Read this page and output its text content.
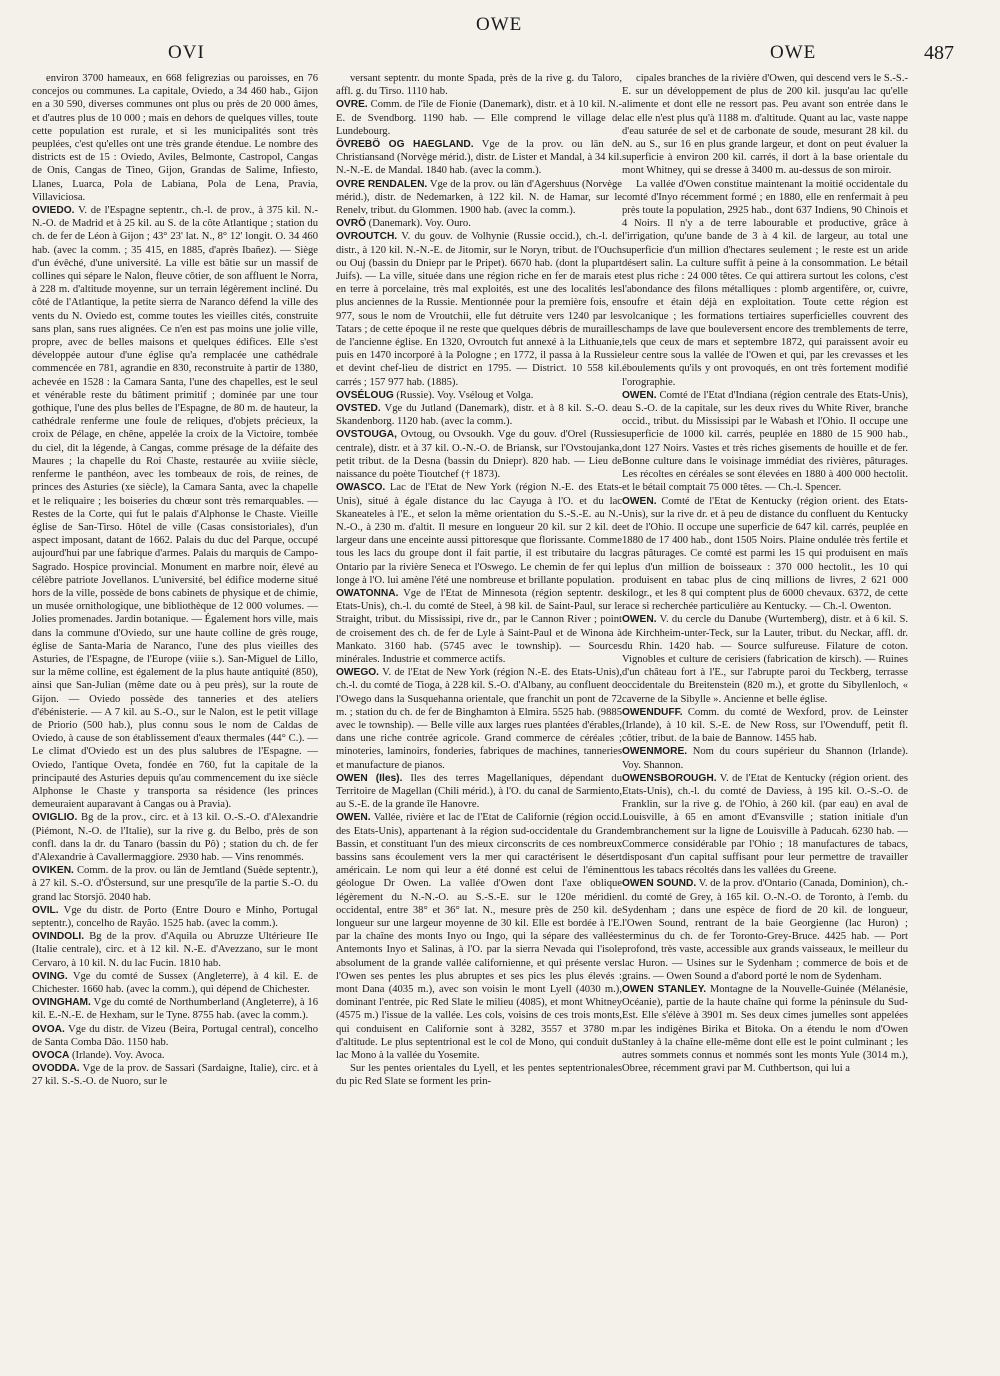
OVI
OWE
OWE	487

environ 3700 hameaux, en 668 feligrezias ou paroisses, en 76 concejos ou communes. La capitale, Oviedo, a 34 460 hab., Gijon en a 30 590, diverses communes ont plus ou près de 20 000 âmes, et d'autres plus de 10 000 ; mais en dehors de quelques villes, toute cette population est rurale, et si les municipalités sont très peuplées, c'est qu'elles ont une très grande étendue. Le nombre des districts est de 15 : Oviedo, Aviles, Belmonte, Castropol, Cangas de Onis, Cangas de Tineo, Gijon, Grandas de Salime, Infiesto, Llanes, Luarca, Pola de Labiana, Pola de Lena, Pravia, Villaviciosa.

OVIEDO. V. de l'Espagne septentr., ch.-l. de prov., à 375 kil. N.-N.-O. de Madrid et à 25 kil. au S. de la côte Atlantique ; station du ch. de fer de Léon à Gijon ; 43° 23' lat. N., 8° 12' longit. O. 34 460 hab. (avec la comm. ; 35 415, en 1885, d'après Ibañez). — Siège d'un évêché, d'une université. La ville est bâtie sur un massif de collines qui sépare le Nalon, fleuve côtier, de son affluent le Norra, à 228 m. d'altitude moyenne, sur un terrain légèrement incliné. Du côté de l'Atlantique, la petite sierra de Naranco défend la ville des vents du N. Oviedo est, comme toutes les vieilles cités, construite sans plan, sans rues alignées. Ce n'en est pas moins une jolie ville, propre, avec de belles maisons et quelques édifices. Elle s'est développée autour d'une église qu'a remplacée une cathédrale commencée en 781, agrandie en 830, reconstruite à partir de 1380, achevée en 1528 : la Camara Santa, l'une des chapelles, est le seul et vénérable reste du bâtiment primitif ; dominée par une tour gothique, l'une des plus belles de l'Espagne, de 80 m. de hauteur, la cathédrale renferme une foule de reliques, d'objets précieux, la croix de Pélage, en chêne, appelée la croix de la Victoire, tombée du ciel, dit la légende, à Cangas, comme présage de la défaite des Maures ; la chapelle du Roi Chaste, restaurée au xviiie siècle, renferme le panthéon, avec les tombeaux de rois, de reines, de princes des Asturies (xe siècle), la Camara Santa, avec la chapelle et le reliquaire ; les boiseries du chœur sont très remarquables. — Restes de la Corte, qui fut le palais d'Alphonse le Chaste. Vieille église de San-Tirso. Hôtel de ville (Casas consistoriales), d'un aspect imposant, datant de 1662. Palais du duc del Parque, occupé aujourd'hui par une fabrique d'armes. Palais du marquis de Campo-Sagrado. Hospice provincial. Monument en marbre noir, élevé au célèbre patriote Jovellanos. L'université, bel édifice moderne situé hors de la ville, possède de bons cabinets de physique et de chimie, un musée ornithologique, une bibliothèque de 12 000 volumes. — Jolies promenades. Jardin botanique. — Également hors ville, mais dans la commune d'Oviedo, sur une haute colline de grès rouge, église de Santa-Maria de Naranco, l'une des plus vieilles des Asturies, de l'Espagne, de l'Europe (viiie s.). San-Miguel de Lillo, sur la même colline, est également de la plus haute antiquité (850), ainsi que San-Julian (même date ou à peu près), sur la route de Gijon. — Oviedo possède des tanneries et des ateliers d'ébénisterie. — A 7 kil. au S.-O., sur le Nalon, est le petit village de Priorio (500 hab.), plus connu sous le nom de Caldas de Oviedo, à cause de son établissement d'eaux thermales (44° C.). — Le climat d'Oviedo est un des plus salubres de l'Espagne. — Oviedo, l'antique Oveta, fondée en 760, fut la capitale de la principauté des Asturies depuis qu'au commencement du ixe siècle Alphonse le Chaste y transporta sa résidence (les princes demeuraient auparavant à Cangas ou à Pravia).

OVIGLIO. Bg de la prov., circ. et à 13 kil. O.-S.-O. d'Alexandrie (Piémont, N.-O. de l'Italie), sur la rive g. du Belbo, près de son confl. dans la dr. du Tanaro (bassin du Pô) ; station du ch. de fer d'Alexandrie à Cavallermaggiore. 2930 hab. — Vins renommés.

OVIKEN. Comm. de la prov. ou län de Jemtland (Suède septentr.), à 27 kil. S.-O. d'Östersund, sur une presqu'île de la partie S.-O. du grand lac Storsjö. 2040 hab.

OVIL. Vge du distr. de Porto (Entre Douro e Minho, Portugal septentr.), concelho de Rayão. 1525 hab. (avec la comm.).

OVINDOLI. Bg de la prov. d'Aquila ou Abruzze Ultérieure IIe (Italie centrale), circ. et à 12 kil. N.-E. d'Avezzano, sur le mont Cervaro, à 10 kil. N. du lac Fucin. 1810 hab.

OVING. Vge du comté de Sussex (Angleterre), à 4 kil. E. de Chichester. 1660 hab. (avec la comm.), qui dépend de Chichester.

OVINGHAM. Vge du comté de Northumberland (Angleterre), à 16 kil. E.-N.-E. de Hexham, sur le Tyne. 8755 hab. (avec la comm.).

OVOA. Vge du distr. de Vizeu (Beira, Portugal central), concelho de Santa Comba Dão. 1150 hab.

OVOCA (Irlande). Voy. Avoca.

OVODDA. Vge de la prov. de Sassari (Sardaigne, Italie), circ. et à 27 kil. S.-S.-O. de Nuoro, sur le

versant septentr. du monte Spada, près de la rive g. du Taloro, affl. g. du Tirso. 1110 hab.

OVRE. Comm. de l'île de Fionie (Danemark), distr. et à 10 kil. N.-E. de Svendborg. 1190 hab. — Elle comprend le village de Lundebourg.

ÖVREBÖ OG HAEGLAND. Vge de la prov. ou län de Christiansand (Norvège mérid.), distr. de Lister et Mandal, à 34 kil. N.-N.-E. de Mandal. 1840 hab. (avec la comm.).

OVRE RENDALEN. Vge de la prov. ou län d'Agershuus (Norvège mérid.), distr. de Nedemarken, à 122 kil. N. de Hamar, sur le Renelv, tribut. du Glommen. 1900 hab. (avec la comm.).

OVRÖ (Danemark). Voy. Ouro.

OVROUTCH. V. du gouv. de Volhynie (Russie occid.), ch.-l. de distr., à 120 kil. N.-N.-E. de Jitomir, sur le Noryn, tribut. de l'Ouch ou Ouj (bassin du Dniepr par le Pripet). 6670 hab. (dont la plupart Juifs). — La ville, située dans une région riche en fer de marais et en terre à porcelaine, très mal exploités, est une des localités les plus anciennes de la Russie. Mentionnée pour la première fois, en 977, sous le nom de Vroutchii, elle fut détruite vers 1240 par les Tatars ; de cette époque il ne reste que quelques débris de murailles de l'ancienne église. En 1320, Ovroutch fut annexé à la Lithuanie, puis en 1470 incorporé à la Pologne ; en 1772, il passa à la Russie et devint chef-lieu de district en 1795. — District. 10 558 kil. carrés ; 157 977 hab. (1885).

OVSÉLOUG (Russie). Voy. Vséloug et Volga.

OVSTED. Vge du Jutland (Danemark), distr. et à 8 kil. S.-O. de Skandenborg. 1120 hab. (avec la comm.).

OVSTOUGA, Ovtoug, ou Ovsoukh. Vge du gouv. d'Orel (Russie centrale), distr. et à 37 kil. O.-N.-O. de Briansk, sur l'Ovstoujanka, petit tribut. de la Desna (bassin du Dniepr). 820 hab. — Lieu de naissance du poète Tioutchef († 1873).

OWASCO. Lac de l'Etat de New York (région N.-E. des Etats-Unis), situé à égale distance du lac Cayuga à l'O. et du lac Skaneateles à l'E., et selon la même orientation du S.-S.-E. au N.-N.-O., à 230 m. d'altit. Il mesure en longueur 20 kil. sur 2 kil. de largeur dans une enceinte aussi pittoresque que florissante. Comme tous les lacs du groupe dont il fait partie, il est tributaire du lac Ontario par la rivière Seneca et l'Oswego. Le chemin de fer qui le longe à l'O. lui amène l'été une nombreuse et brillante population.

OWATONNA. Vge de l'Etat de Minnesota (région septentr. des Etats-Unis), ch.-l. du comté de Steel, à 98 kil. de Saint-Paul, sur le Straight, tribut. du Mississipi, rive dr., par le Cannon River ; point de croisement des ch. de fer de Lyle à Saint-Paul et de Winona à Mankato. 3160 hab. (5745 avec le township). — Sources minérales. Industrie et commerce actifs.

OWEGO. V. de l'Etat de New York (région N.-E. des Etats-Unis), ch.-l. du comté de Tioga, à 228 kil. S.-O. d'Albany, au confluent de l'Owego dans la Susquehanna orientale, que franchit un pont de 72 m. ; station du ch. de fer de Binghamton à Elmira. 5525 hab. (9885 avec le township). — Belle ville aux larges rues plantées d'érables, dans une riche contrée agricole. Grand commerce de céréales ; minoteries, laminoirs, fonderies, fabriques de machines, tanneries et manufacture de pianos.

OWEN (Iles). Iles des terres Magellaniques, dépendant du Territoire de Magellan (Chili mérid.), à l'O. du canal de Sarmiento, au S.-E. de la grande île Hanovre.

OWEN. Vallée, rivière et lac de l'Etat de Californie (région occid. des Etats-Unis), appartenant à la région sud-occidentale du Grand Bassin, et constituant l'un des mieux circonscrits de ces nombreux bassins sans écoulement vers la mer qui caractérisent le désert américain. Le nom qui leur a été donné est celui de l'éminent géologue Dr Owen. La vallée d'Owen dont l'axe oblique légèrement du N.-N.-O. au S.-S.-E. sur le 120e méridien occidental, entre 38° et 36° lat. N., mesure près de 250 kil. de longueur sur une largeur moyenne de 30 kil. Elle est bordée à l'E. par la chaîne des monts Inyo ou Ingo, qui la sépare des vallées Antemonts Inyo et Salinas, à l'O. par la sierra Nevada qui l'isole absolument de la grande vallée californienne, et qui présente vers l'Owen ses pentes les plus abruptes et ses pics les plus élevés : mont Dana (4035 m.), avec son voisin le mont Lyell (4030 m.), dominant l'entrée, pic Red Slate le milieu (4085), et mont Whitney (4575 m.) l'issue de la vallée. Les cols, voisins de ces trois monts, qui conduisent en Californie sont à 3282, 3557 et 3780 m. d'altitude. Le plus septentrional est le col de Mono, qui conduit du lac Mono à la vallée du Yosemite.

Sur les pentes orientales du Lyell, et les pentes septentrionales du pic Red Slate se forment les prin-

cipales branches de la rivière d'Owen, qui descend vers le S.-S.-E. sur un développement de plus de 200 kil. jusqu'au lac qu'elle alimente et dont elle ne ressort pas. Peu avant son entrée dans le lac elle n'est plus qu'à 1188 m. d'altitude. Quant au lac, vaste nappe d'eau saturée de sel et de carbonate de soude, mesurant 28 kil. du N. au S., sur 16 en plus grande largeur, et dont on peut évaluer la superficie à environ 200 kil. carrés, il dort à la base orientale du mont Whitney, qui se dresse à 3400 m. au-dessus de son miroir.

La vallée d'Owen constitue maintenant la moitié occidentale du comté d'Inyo récemment formé ; en 1880, elle en renfermait à peu près toute la population, 2925 hab., dont 637 Indiens, 90 Chinois et 4 Noirs. Il n'y a de terre labourable et productive, grâce à l'irrigation, qu'une bande de 3 à 4 kil. de largeur, au total une superficie d'un million d'hectares seulement ; le reste est un aride désert salin. La culture suffit à peine à la consommation. Le bétail est plus riche : 24 000 têtes. Ce qui attirera surtout les colons, c'est l'abondance des filons métalliques : plomb argentifère, or, cuivre, soufre et étain déjà en exploitation. Toute cette région est volcanique ; les formations tertiaires superficielles couvrent des champs de lave que bouleversent encore des tremblements de terre, tels que ceux de mars et septembre 1872, qui paraissent avoir eu leur centre sous la vallée de l'Owen et qui, par les crevasses et les éboulements qu'ils y ont provoqués, en ont très fortement modifié l'orographie.

OWEN. Comté de l'Etat d'Indiana (région centrale des Etats-Unis), au S.-O. de la capitale, sur les deux rives du White River, branche occid., tribut. du Mississipi par le Wabash et l'Ohio. Il occupe une superficie de 1000 kil. carrés, peuplée en 1880 de 15 900 hab., dont 127 Noirs. Vastes et très riches gisements de houille et de fer. Bonne culture dans le voisinage immédiat des rivières, pâturages. Les récoltes en céréales se sont élevées en 1880 à 400 000 hectolit. et le bétail comptait 75 000 têtes. — Ch.-l. Spencer.

OWEN. Comté de l'Etat de Kentucky (région orient. des Etats-Unis), sur la rive dr. et à peu de distance du confluent du Kentucky et de l'Ohio. Il occupe une superficie de 647 kil. carrés, peuplée en 1880 de 17 400 hab., dont 1505 Noirs. Plaine ondulée très fertile et gras pâturages. Ce comté est parmi les 15 qui produisent en maïs plus d'un million de boisseaux : 370 000 hectolit., les 10 qui produisent en tabac plus de cinq millions de livres, 2 621 000 kilogr., et les 8 qui comptent plus de 6000 chevaux. 6372, de cette race si recherchée particulière au Kentucky. — Ch.-l. Owenton.

OWEN. V. du cercle du Danube (Wurtemberg), distr. et à 6 kil. S. de Kirchheim-unter-Teck, sur la Lauter, tribut. du Neckar, affl. dr. du Rhin. 1420 hab. — Source sulfureuse. Filature de coton. Vignobles et culture de cerisiers (fabrication de kirsch). — Ruines d'un château fort à l'E., sur l'abrupte paroi du Teckberg, terrasse occidentale du Breitenstein (820 m.), et grotte du Sibyllenloch, « caverne de la Sibylle ». Ancienne et belle église.

OWENDUFF. Comm. du comté de Wexford, prov. de Leinster (Irlande), à 10 kil. S.-E. de New Ross, sur l'Owenduff, petit fl. côtier, tribut. de la baie de Bannow. 1455 hab.

OWENMORE. Nom du cours supérieur du Shannon (Irlande). Voy. Shannon.

OWENSBOROUGH. V. de l'Etat de Kentucky (région orient. des Etats-Unis), ch.-l. du comté de Daviess, à 195 kil. O.-S.-O. de Franklin, sur la rive g. de l'Ohio, à 260 kil. (par eau) en aval de Louisville, à 65 en amont d'Evansville ; station initiale d'un embranchement sur la ligne de Louisville à Paducah. 6230 hab. — Commerce considérable par l'Ohio ; 18 manufactures de tabacs, disposant d'un capital suffisant pour leur permettre de travailler tous les tabacs récoltés dans les vallées du Greene.

OWEN SOUND. V. de la prov. d'Ontario (Canada, Dominion), ch.-l. du comté de Grey, à 165 kil. O.-N.-O. de Toronto, à l'emb. du Sydenham ; dans une espèce de fiord de 20 kil. de longueur, l'Owen Sound, rentrant de la baie Georgienne (lac Huron) ; terminus du ch. de fer Toronto-Grey-Bruce. 4425 hab. — Port profond, très vaste, accessible aux grands vaisseaux, le meilleur du lac Huron. — Usines sur le Sydenham ; commerce de bois et de grains. — Owen Sound a d'abord porté le nom de Sydenham.

OWEN STANLEY. Montagne de la Nouvelle-Guinée (Mélanésie, Océanie), partie de la haute chaîne qui forme la péninsule du Sud-Est. Elle s'élève à 3901 m. Ses deux cimes jumelles sont appelées par les indigènes Birika et Bitoka. On a étendu le nom d'Owen Stanley à la chaîne elle-même dont elle est le point culminant ; les autres sommets connus et nommés sont les monts Yule (3014 m.), Obree, récemment gravi par M. Cuthbertson, qui lui a
